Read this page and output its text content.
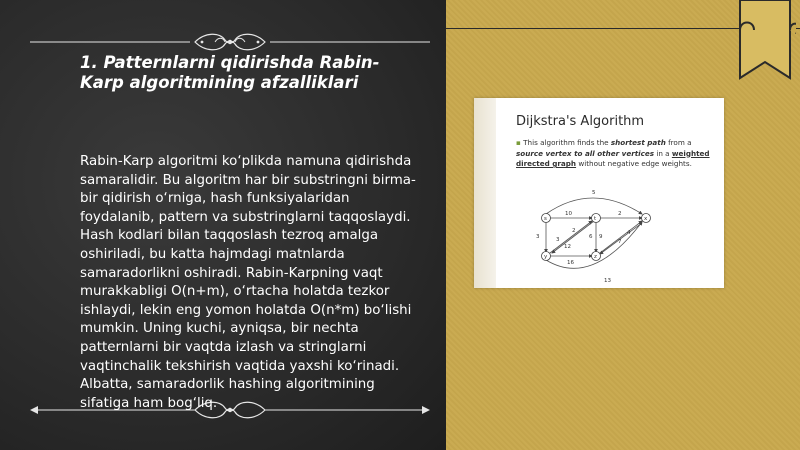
1. Patternlarni qidirishda Rabin-Karp algoritmining afzalliklari

Rabin-Karp algoritmi ko‘plikda namuna qidirishda samaralidir. Bu algoritm har bir substringni birma-bir qidirish o‘rniga, hash funksiyalaridan foydalanib, pattern va substringlarni taqqoslaydi. Hash kodlari bilan taqqoslash tezroq amalga oshiriladi, bu katta hajmdagi matnlarda samaradorlikni oshiradi. Rabin-Karpning vaqt murakkabligi O(n+m), o‘rtacha holatda tezkor ishlaydi, lekin eng yomon holatda O(n*m) bo‘lishi mumkin. Uning kuchi, ayniqsa, bir nechta patternlarni bir vaqtda izlash va stringlarni vaqtinchalik tekshirish vaqtida yaxshi ko‘rinadi. Albatta, samaradorlik hashing algoritmining sifatiga ham bog‘liq.

Dijkstra's Algorithm

▪ This algorithm finds the shortest path from a source vertex to all other vertices in a weighted directed graph without negative edge weights.

s	t	x
y	z
5
10	2
3
2
9
4
6
7
3
12
16
13
